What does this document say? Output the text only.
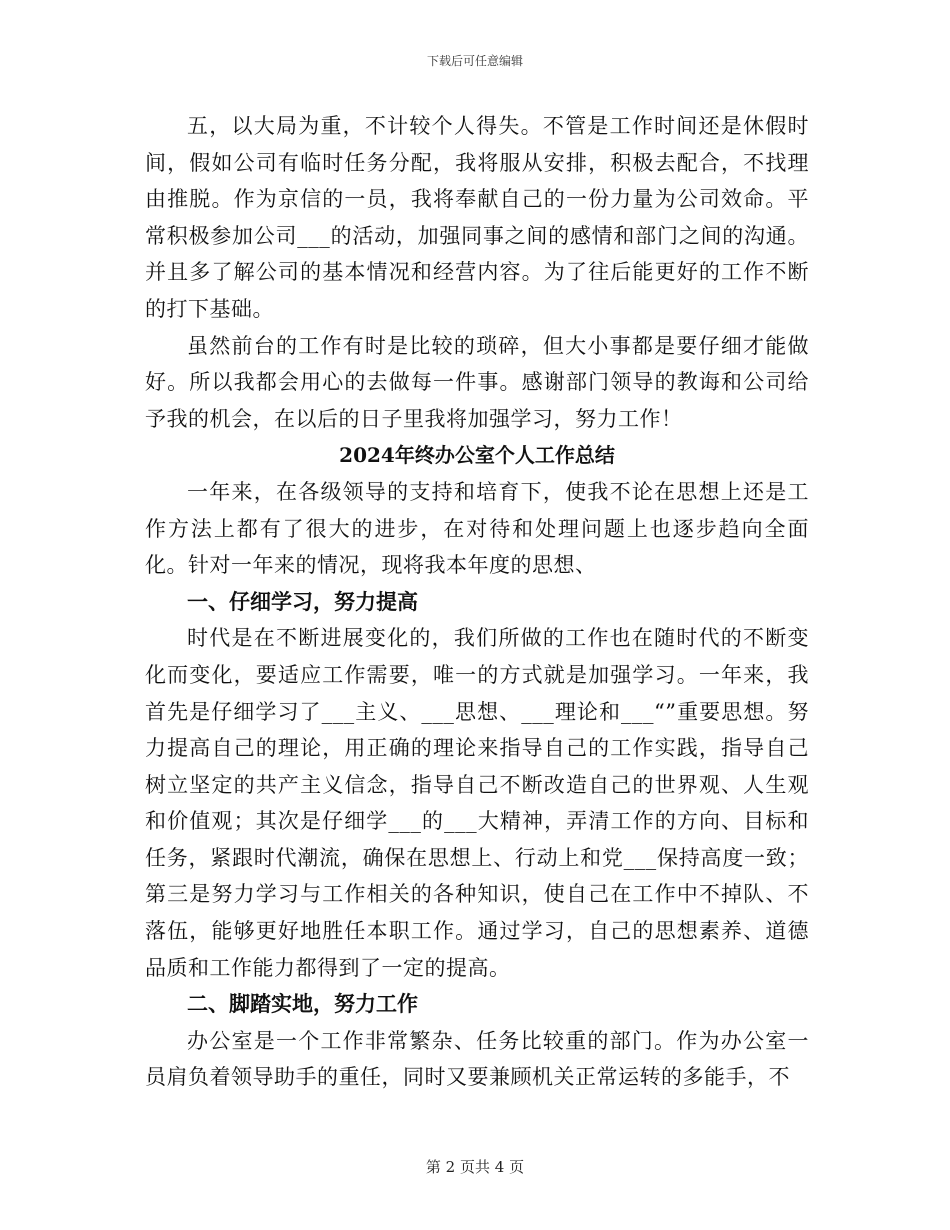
下载后可任意编辑

五，以大局为重，不计较个人得失。不管是工作时间还是休假时间，假如公司有临时任务分配，我将服从安排，积极去配合，不找理由推脱。作为京信的一员，我将奉献自己的一份力量为公司效命。平常积极参加公司___的活动，加强同事之间的感情和部门之间的沟通。并且多了解公司的基本情况和经营内容。为了往后能更好的工作不断的打下基础。

虽然前台的工作有时是比较的琐碎，但大小事都是要仔细才能做好。所以我都会用心的去做每一件事。感谢部门领导的教诲和公司给予我的机会，在以后的日子里我将加强学习，努力工作！

2024年终办公室个人工作总结

一年来，在各级领导的支持和培育下，使我不论在思想上还是工作方法上都有了很大的进步，在对待和处理问题上也逐步趋向全面化。针对一年来的情况，现将我本年度的思想、

一、仔细学习，努力提高

时代是在不断进展变化的，我们所做的工作也在随时代的不断变化而变化，要适应工作需要，唯一的方式就是加强学习。一年来，我首先是仔细学习了___主义、___思想、___理论和___“”重要思想。努力提高自己的理论，用正确的理论来指导自己的工作实践，指导自己树立坚定的共产主义信念，指导自己不断改造自己的世界观、人生观和价值观；其次是仔细学___的___大精神，弄清工作的方向、目标和任务，紧跟时代潮流，确保在思想上、行动上和党___保持高度一致；第三是努力学习与工作相关的各种知识，使自己在工作中不掉队、不落伍，能够更好地胜任本职工作。通过学习，自己的思想素养、道德品质和工作能力都得到了一定的提高。

二、脚踏实地，努力工作

办公室是一个工作非常繁杂、任务比较重的部门。作为办公室一员肩负着领导助手的重任，同时又要兼顾机关正常运转的多能手，不

第 2 页共 4 页
